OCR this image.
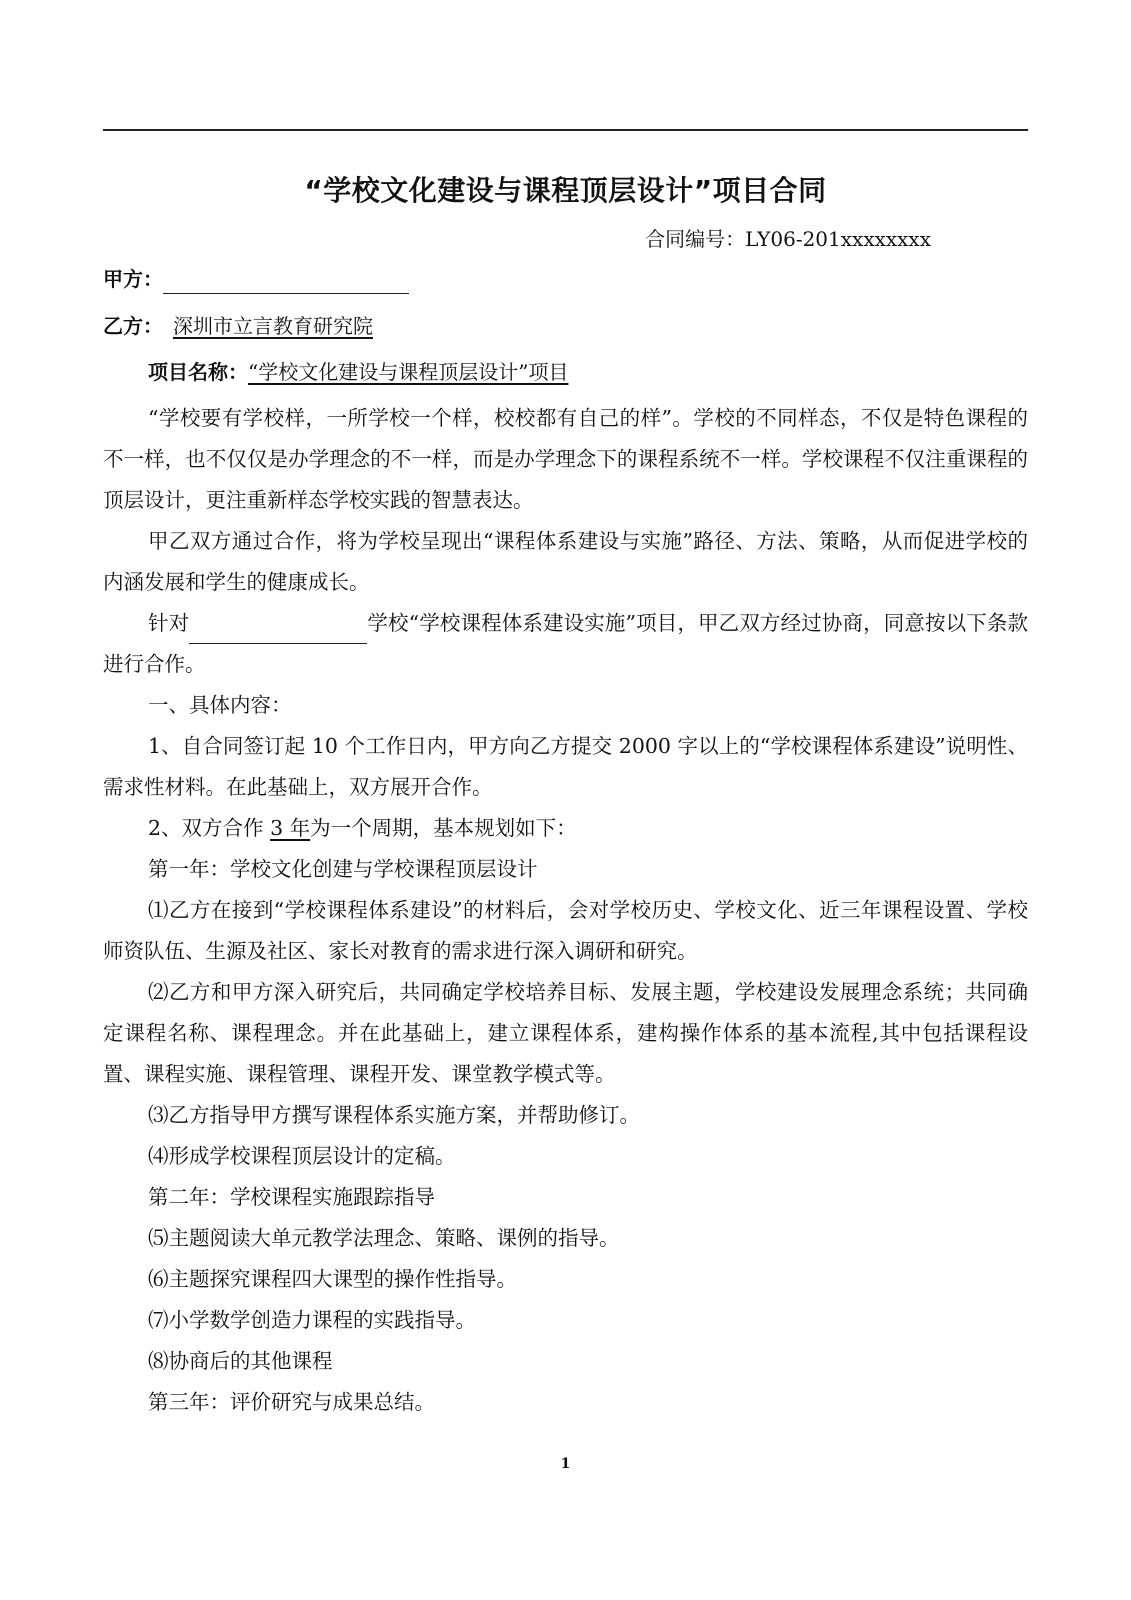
“学校文化建设与课程顶层设计”项目合同
合同编号：LY06-201xxxxxxxx
甲方：
乙方： 深圳市立言教育研究院
项目名称：“学校文化建设与课程顶层设计”项目

“学校要有学校样，一所学校一个样，校校都有自己的样”。学校的不同样态，不仅是特色课程的不一样，也不仅仅是办学理念的不一样，而是办学理念下的课程系统不一样。学校课程不仅注重课程的顶层设计，更注重新样态学校实践的智慧表达。

甲乙双方通过合作，将为学校呈现出“课程体系建设与实施”路径、方法、策略，从而促进学校的内涵发展和学生的健康成长。

针对	学校“学校课程体系建设实施”项目，甲乙双方经过协商，同意按以下条款进行合作。

一、具体内容：

1、自合同签订起 10 个工作日内，甲方向乙方提交 2000 字以上的“学校课程体系建设”说明性、需求性材料。在此基础上，双方展开合作。

2、双方合作 3 年为一个周期，基本规划如下：

第一年：学校文化创建与学校课程顶层设计

⑴乙方在接到“学校课程体系建设”的材料后，会对学校历史、学校文化、近三年课程设置、学校师资队伍、生源及社区、家长对教育的需求进行深入调研和研究。

⑵乙方和甲方深入研究后，共同确定学校培养目标、发展主题，学校建设发展理念系统；共同确定课程名称、课程理念。并在此基础上，建立课程体系，建构操作体系的基本流程,其中包括课程设置、课程实施、课程管理、课程开发、课堂教学模式等。

⑶乙方指导甲方撰写课程体系实施方案，并帮助修订。

⑷形成学校课程顶层设计的定稿。

第二年：学校课程实施跟踪指导

⑸主题阅读大单元教学法理念、策略、课例的指导。

⑹主题探究课程四大课型的操作性指导。

⑺小学数学创造力课程的实践指导。

⑻协商后的其他课程

第三年：评价研究与成果总结。

1
